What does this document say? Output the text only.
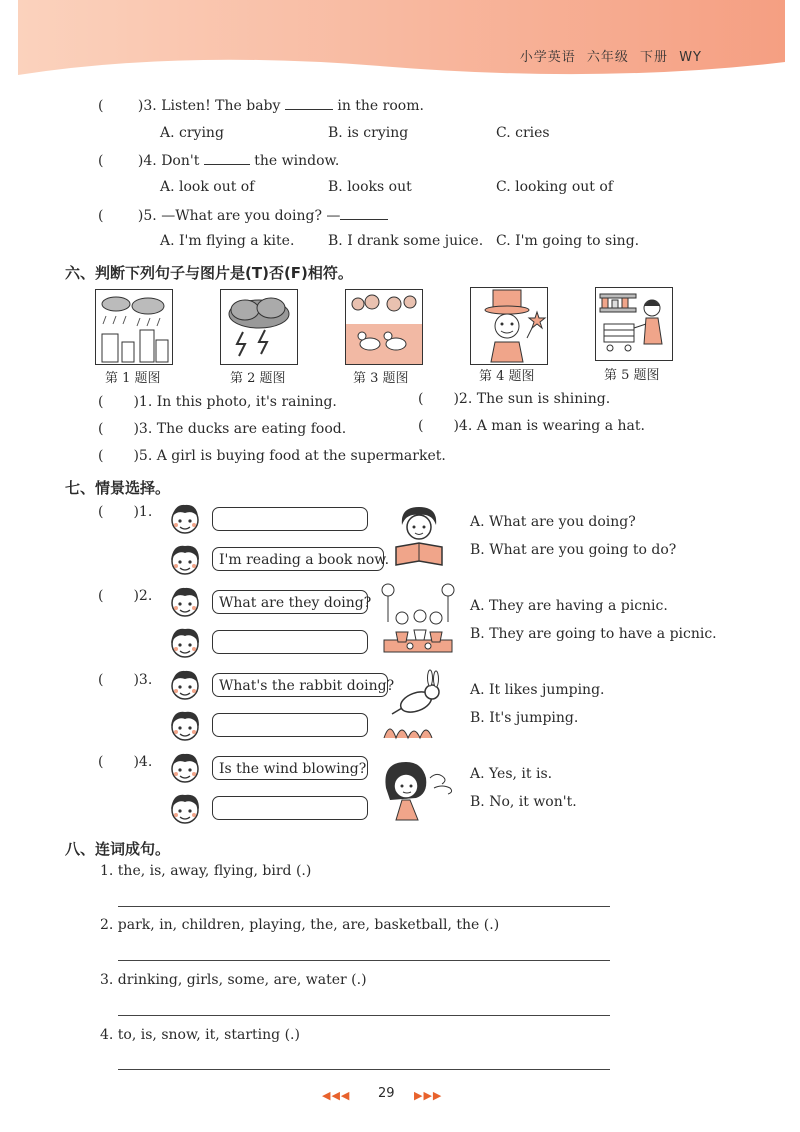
小学英语 六年级 下册 WY
( )3. Listen! The baby	in the room.
A. crying	B. is crying	C. cries
( )4. Don't	the window.
A. look out of	B. looks out	C. looking out of
( )5. —What are you doing? —
A. I'm flying a kite. B. I drank some juice. C. I'm going to sing.
六、判断下列句子与图片是(T)否(F)相符。
第 1 题图	第 2 题图	第 3 题图	第 4 题图	第 5 题图
( )1. In this photo, it's raining.	( )2. The sun is shining.
( )3. The ducks are eating food.	( )4. A man is wearing a hat.
( )5. A girl is buying food at the supermarket.
七、情景选择。
( )1.
I'm reading a book now.
A. What are you doing?
B. What are you going to do?
( )2.	What are they doing?	A. They are having a picnic.
B. They are going to have a picnic.
( )3.	What's the rabbit doing?	A. It likes jumping.
B. It's jumping.
( )4.	Is the wind blowing?	A. Yes, it is.
B. No, it won't.
八、连词成句。
1. the, is, away, flying, bird (.)
2. park, in, children, playing, the, are, basketball, the (.)
3. drinking, girls, some, are, water (.)
4. to, is, snow, it, starting (.)
◀◀◀ 29 ▶▶▶
